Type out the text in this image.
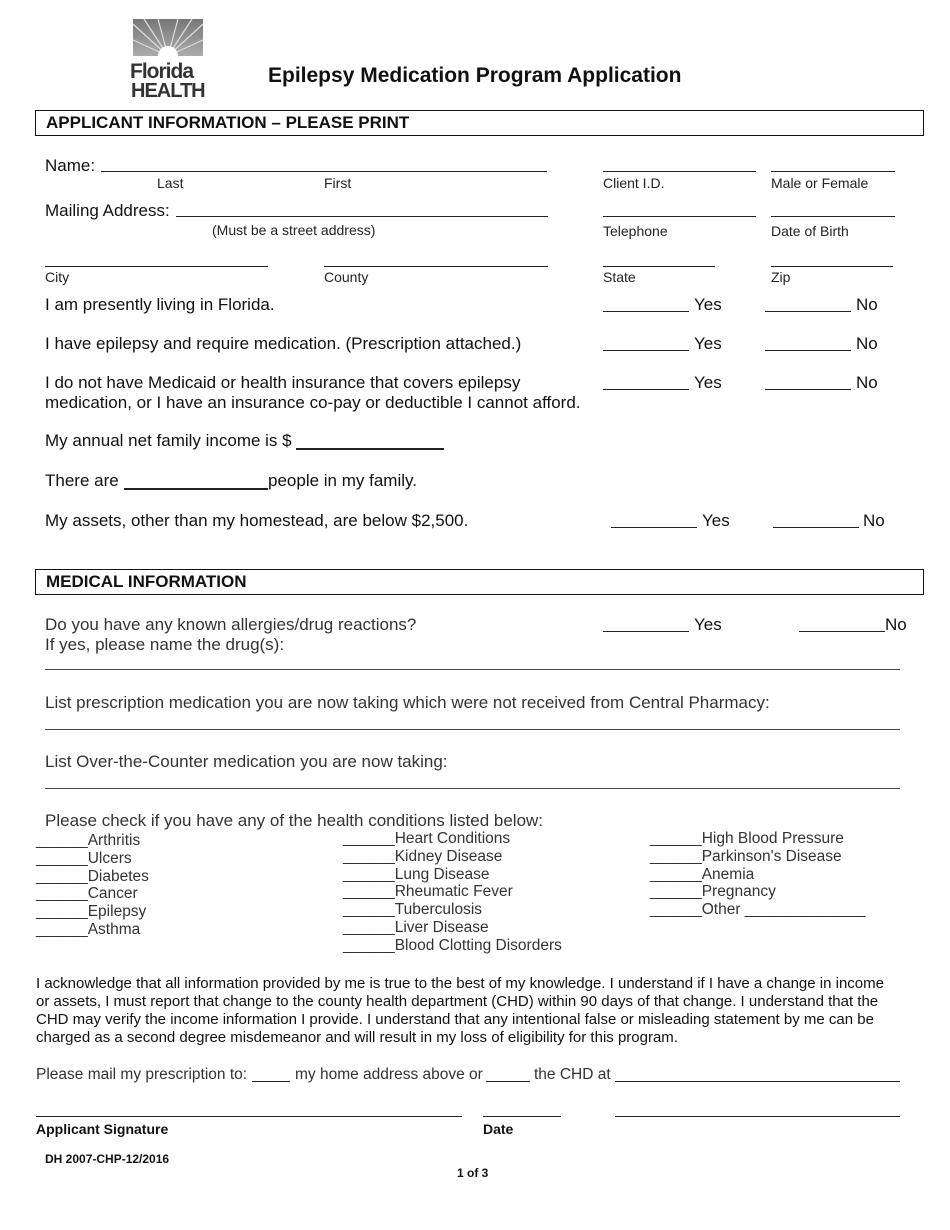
Florida
HEALTH
Epilepsy Medication Program Application
APPLICANT INFORMATION – PLEASE PRINT
Name:
Last	First	Client I.D.	Male or Female
Mailing Address:
(Must be a street address)	Telephone	Date of Birth
City	County	State	Zip
I am presently living in Florida.	Yes	No
I have epilepsy and require medication. (Prescription attached.)	Yes	No
I do not have Medicaid or health insurance that covers epilepsy
medication, or I have an insurance co-pay or deductible I cannot afford.
Yes	No
My annual net family income is $
There are	people in my family.
My assets, other than my homestead, are below $2,500.	Yes	No
MEDICAL INFORMATION
Do you have any known allergies/drug reactions?
If yes, please name the drug(s):
Yes	No
List prescription medication you are now taking which were not received from Central Pharmacy:
List Over-the-Counter medication you are now taking:
Please check if you have any of the health conditions listed below:
______Arthritis
______Ulcers
______Diabetes
______Cancer
______Epilepsy
______Asthma
______Heart Conditions
______Kidney Disease
______Lung Disease
______Rheumatic Fever
______Tuberculosis
______Liver Disease
______Blood Clotting Disorders
______High Blood Pressure
______Parkinson's Disease
______Anemia
______Pregnancy
______Other ______________
I acknowledge that all information provided by me is true to the best of my knowledge. I understand if I have a change in income or assets, I must report that change to the county health department (CHD) within 90 days of that change. I understand that the CHD may verify the income information I provide. I understand that any intentional false or misleading statement by me can be charged as a second degree misdemeanor and will result in my loss of eligibility for this program.
Please mail my prescription to:	my home address above or	the CHD at
Applicant Signature	Date
DH 2007-CHP-12/2016
1 of 3
